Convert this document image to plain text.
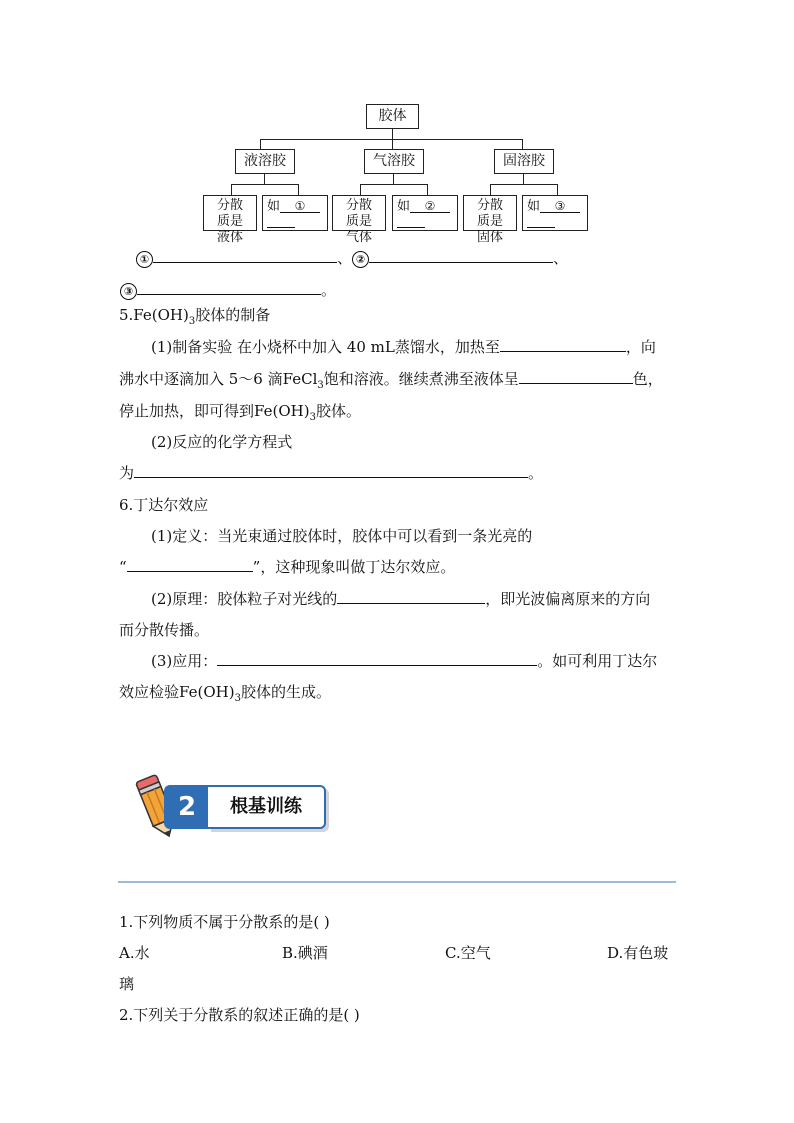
胶体
液溶胶	气溶胶	固溶胶
分散质是液体
如 ①	分散质是气体
如 ②	分散质是固体
如 ③

①	、 ②	、
③	。
$5.Fe(OH)_3$胶体的制备
(1)制备实验 在小烧杯中加入 40 mL蒸馏水，加热至	，向
沸水中逐滴加入 5～6 滴FeCl$_3$饱和溶液。继续煮沸至液体呈	色，
停止加热，即可得到$Fe(OH)_3$胶体。
(2)反应的化学方程式
为	。
6.丁达尔效应
(1)定义：当光束通过胶体时，胶体中可以看到一条光亮的
“	”，这种现象叫做丁达尔效应。
(2)原理：胶体粒子对光线的	，即光波偏离原来的方向
而分散传播。
(3)应用：	。如可利用丁达尔
效应检验$Fe(OH)_3$胶体的生成。
2	根基训练
1.下列物质不属于分散系的是( )
A.水	B.碘酒	C.空气	D.有色玻
璃
2.下列关于分散系的叙述正确的是( )
